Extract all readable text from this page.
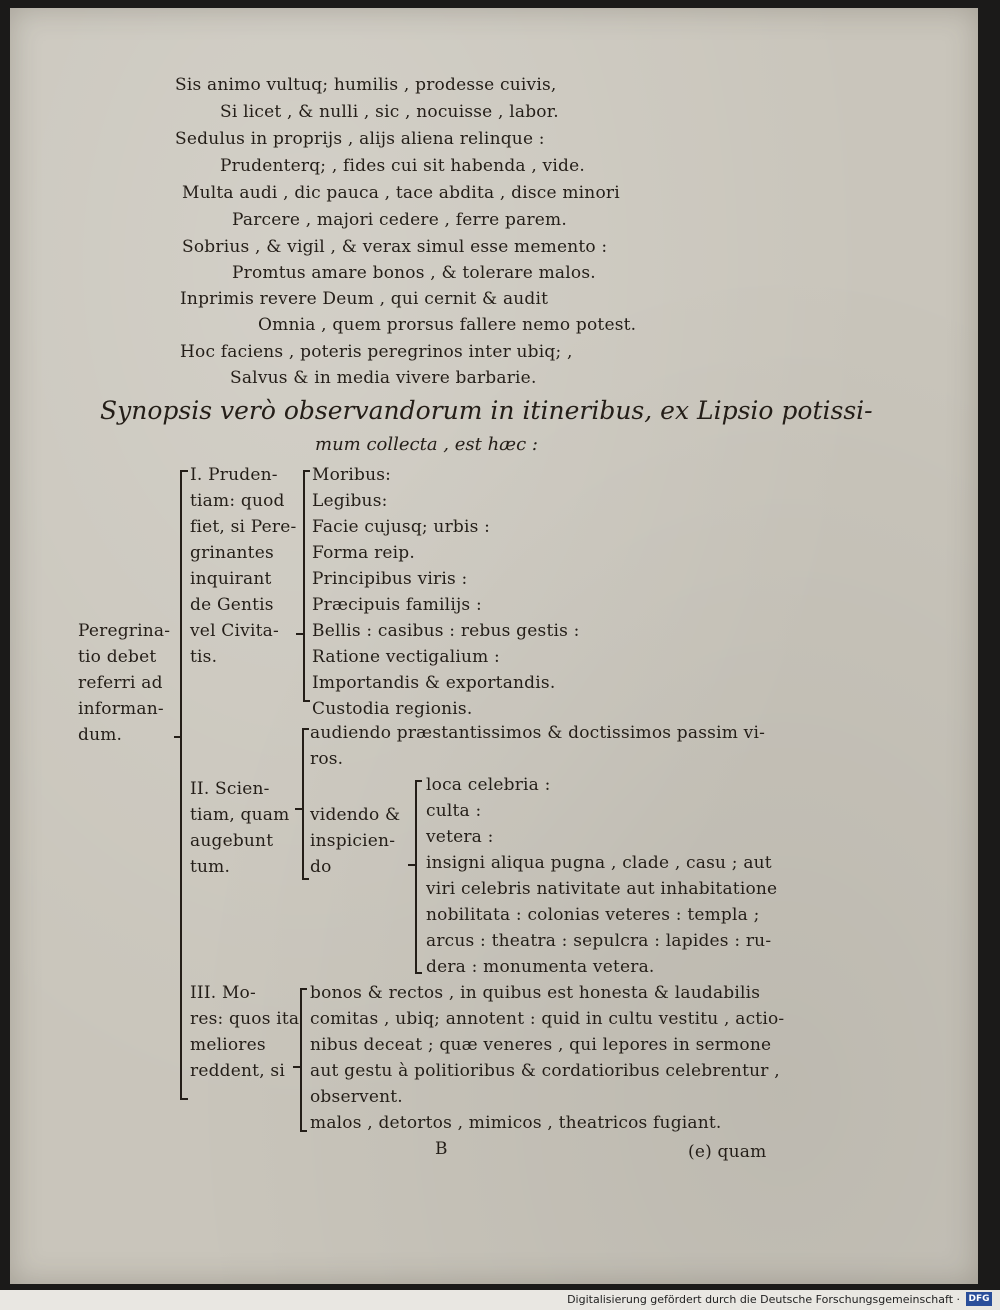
Sis animo vultuq; humilis , prodesse cuivis,
Si licet , & nulli , sic , nocuisse , labor.
Sedulus in proprijs , alijs aliena relinque :
Prudenterq; , fides cui sit habenda , vide.
Multa audi , dic pauca , tace abdita , disce minori
Parcere , majori cedere , ferre parem.
Sobrius , & vigil , & verax simul esse memento :
Promtus amare bonos , & tolerare malos.
Inprimis revere Deum , qui cernit & audit
Omnia , quem prorsus fallere nemo potest.
Hoc faciens , poteris peregrinos inter ubiq; ,
Salvus & in media vivere barbarie.
Synopsis verò observandorum in itineribus, ex Lipsio potissi-
mum collecta , est hæc :
Peregrina-
tio debet
referri ad
informan-
dum.
I. Pruden-
tiam: quod
fiet, si Pere-
grinantes
inquirant
de Gentis
vel Civita-
tis.
Moribus:
Legibus:
Facie cujusq; urbis :
Forma reip.
Principibus viris :
Præcipuis familijs :
Bellis : casibus : rebus gestis :
Ratione vectigalium :
Importandis & exportandis.
Custodia regionis.
II. Scien-
tiam, quam
augebunt
tum.
audiendo præstantissimos & doctissimos passim vi-
ros.
videndo &
inspicien-
do
loca celebria :
culta :
vetera :
insigni aliqua pugna , clade , casu ; aut
viri celebris nativitate aut inhabitatione
nobilitata : colonias veteres : templa ;
arcus : theatra : sepulcra : lapides : ru-
dera : monumenta vetera.
III. Mo-
res: quos ita
meliores
reddent, si
bonos & rectos , in quibus est honesta & laudabilis
comitas , ubiq; annotent : quid in cultu vestitu , actio-
nibus deceat ; quæ veneres , qui lepores in sermone
aut gestu à politioribus & cordatioribus celebrentur ,
observent.
malos , detortos , mimicos , theatricos fugiant.
B	(e) quam
Digitalisierung gefördert durch die Deutsche Forschungsgemeinschaft · DFG
